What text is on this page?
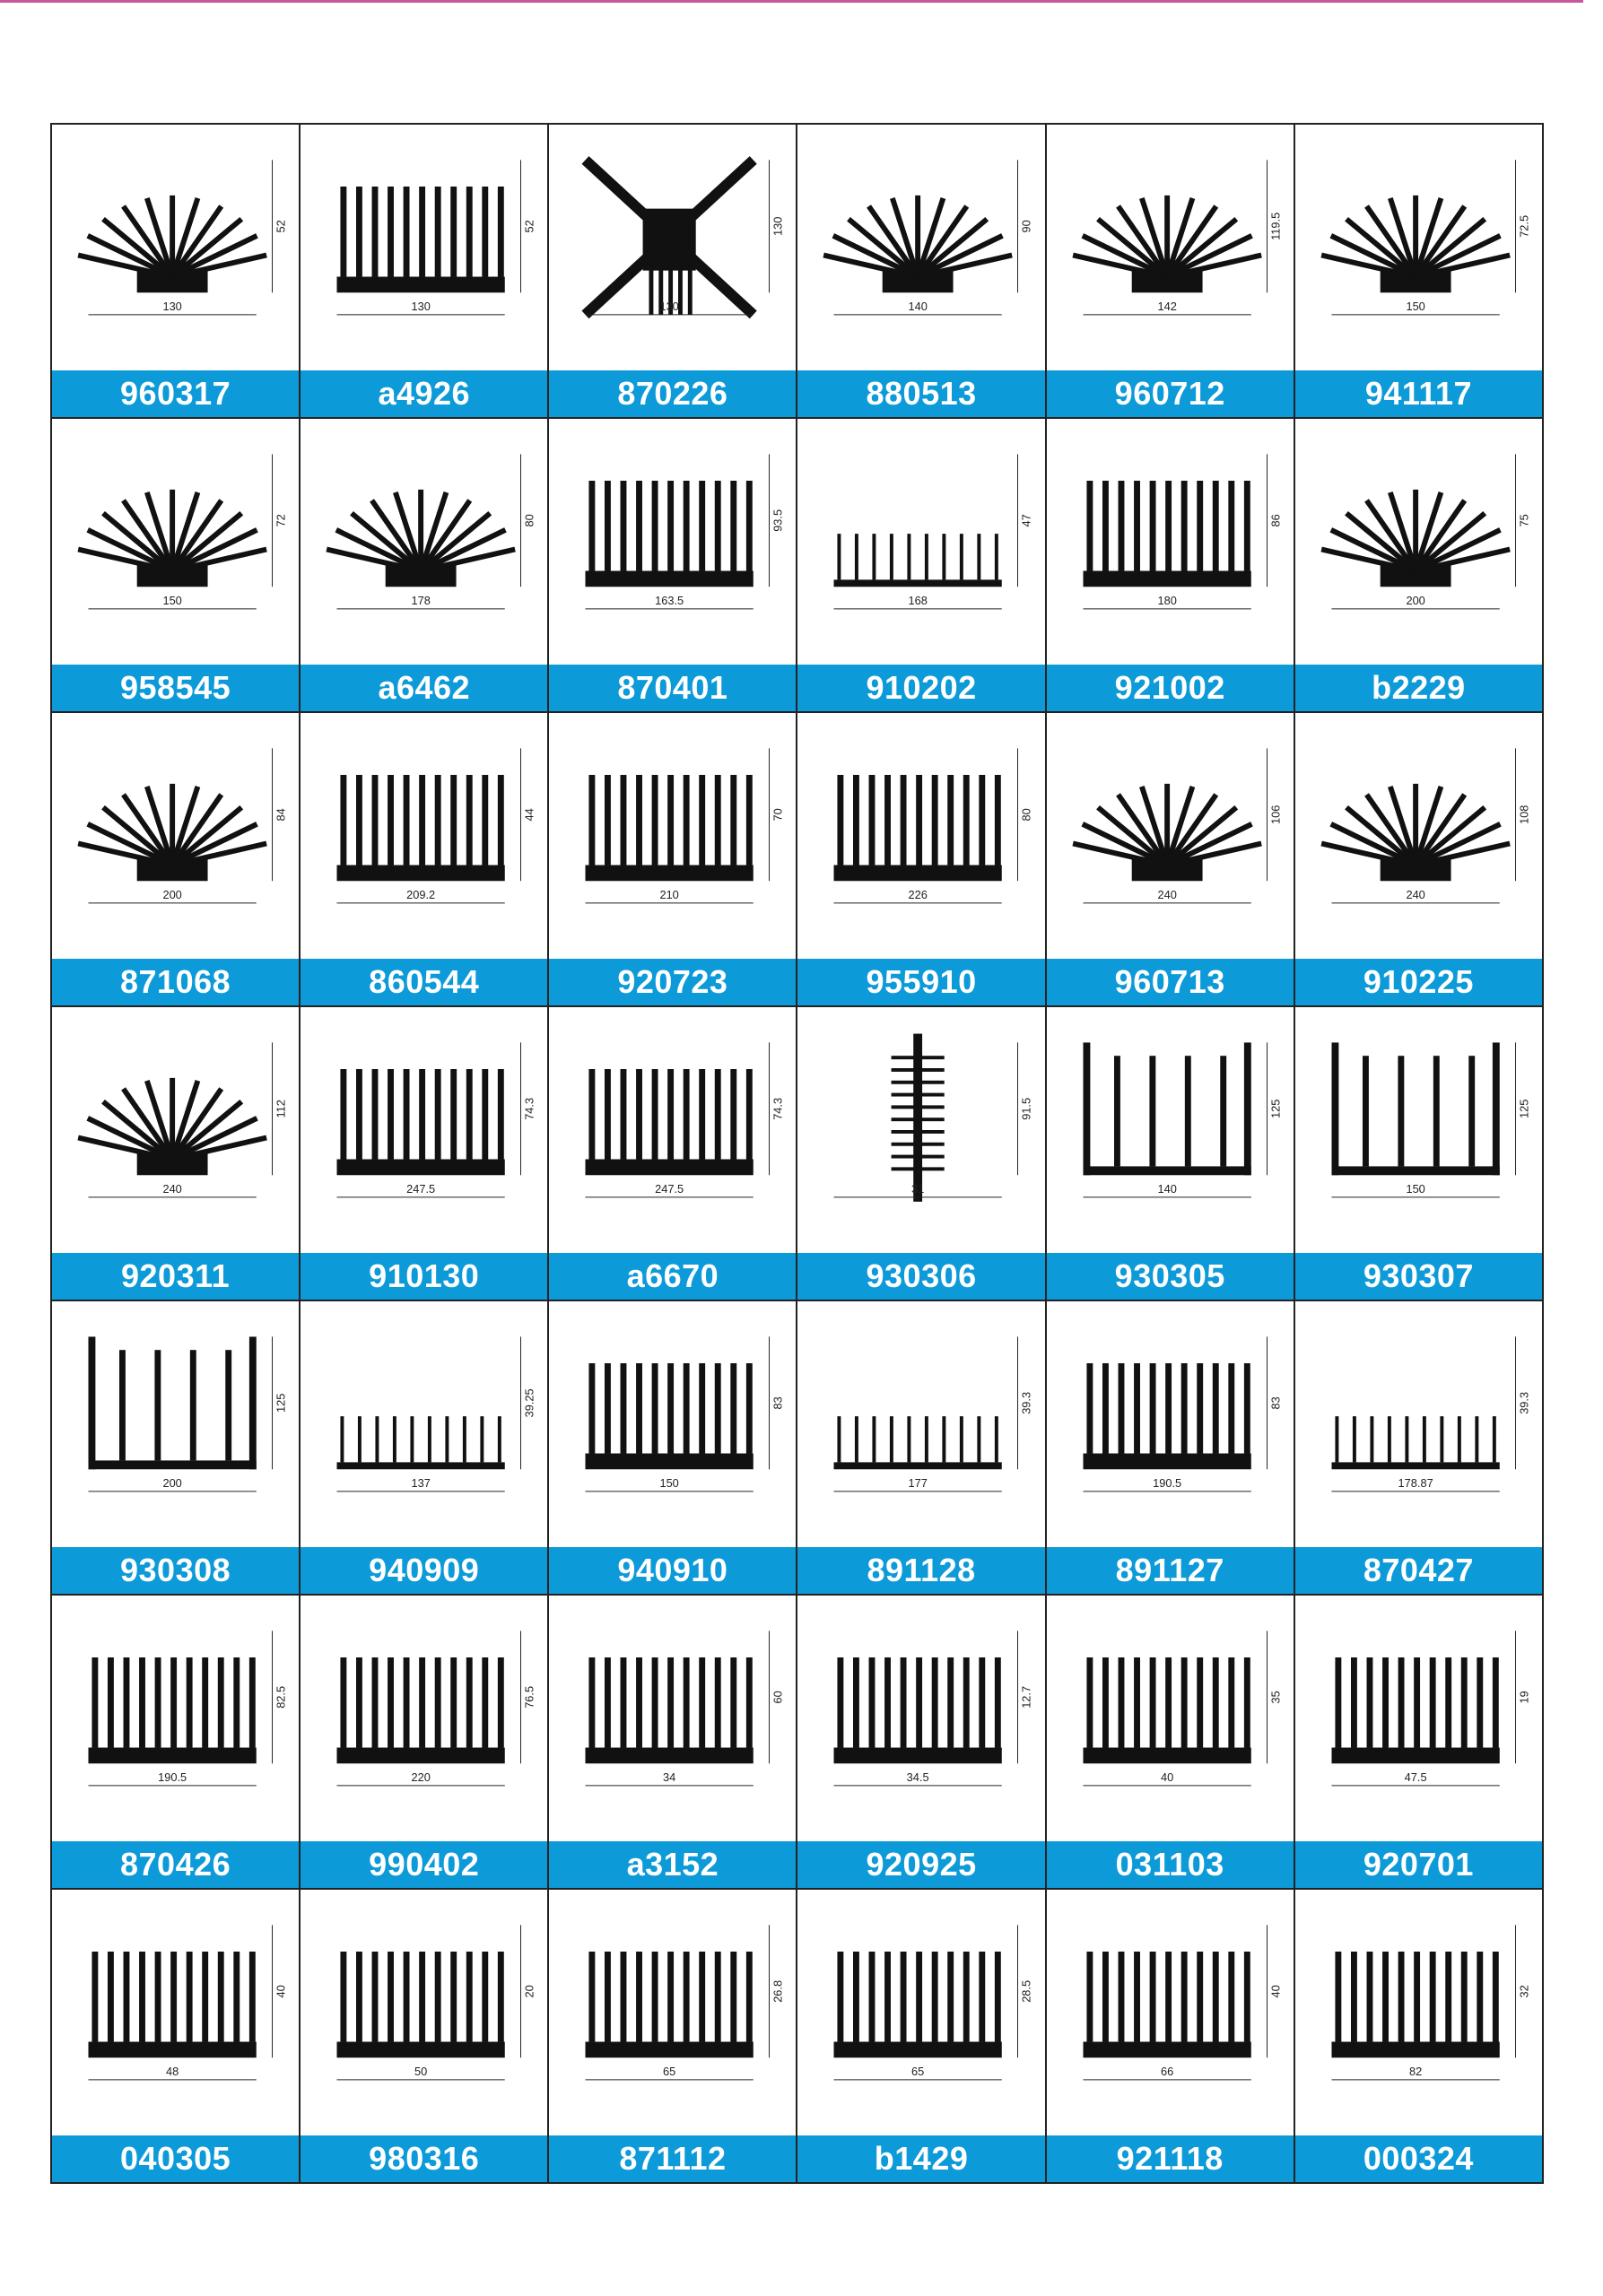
130
52
960317
130
52
a4926
130
130
870226
140
90
880513
142
119.5
960712
150
72.5
941117
150
72
958545
178
80
a6462
163.5
93.5
870401
168
47
910202
180
86
921002
200
75
b2229
200
84
871068
209.2
44
860544
210
70
920723
226
80
955910
240
106
960713
240
108
910225
240
112
920311
247.5
74.3
910130
247.5
74.3
a6670
31
91.5
930306
140
125
930305
150
125
930307
200
125
930308
137
39.25
940909
150
83
940910
177
39.3
891128
190.5
83
891127
178.87
39.3
870427
190.5
82.5
870426
220
76.5
990402
34
60
a3152
34.5
12.7
920925
40
35
031103
47.5
19
920701
48
40
040305
50
20
980316
65
26.8
871112
65
28.5
b1429
66
40
921118
82
32
000324
